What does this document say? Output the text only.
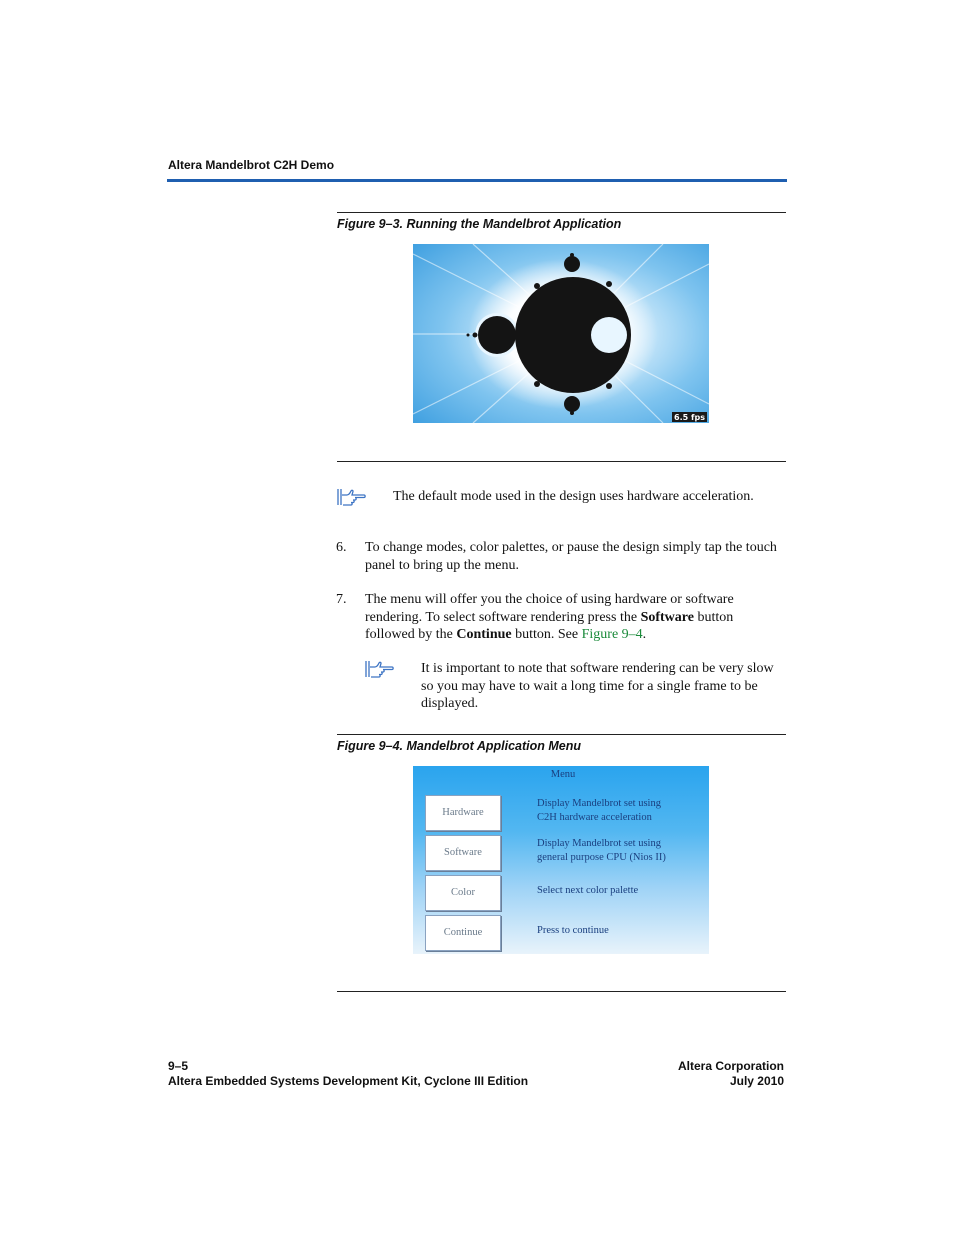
Altera Mandelbrot C2H Demo
Figure 9–3. Running the Mandelbrot Application
6.5 fps
The default mode used in the design uses hardware acceleration.
6. To change modes, color palettes, or pause the design simply tap the touch panel to bring up the menu.
7. The menu will offer you the choice of using hardware or software rendering. To select software rendering press the Software button followed by the Continue button. See Figure 9–4.
It is important to note that software rendering can be very slow so you may have to wait a long time for a single frame to be displayed.
Figure 9–4. Mandelbrot Application Menu
Menu
Hardware
Display Mandelbrot set using
C2H hardware acceleration
Software
Display Mandelbrot set using
general purpose CPU (Nios II)
Color	Select next color palette
Continue	Press to continue
9–5
Altera Embedded Systems Development Kit, Cyclone III Edition
Altera Corporation
July 2010
